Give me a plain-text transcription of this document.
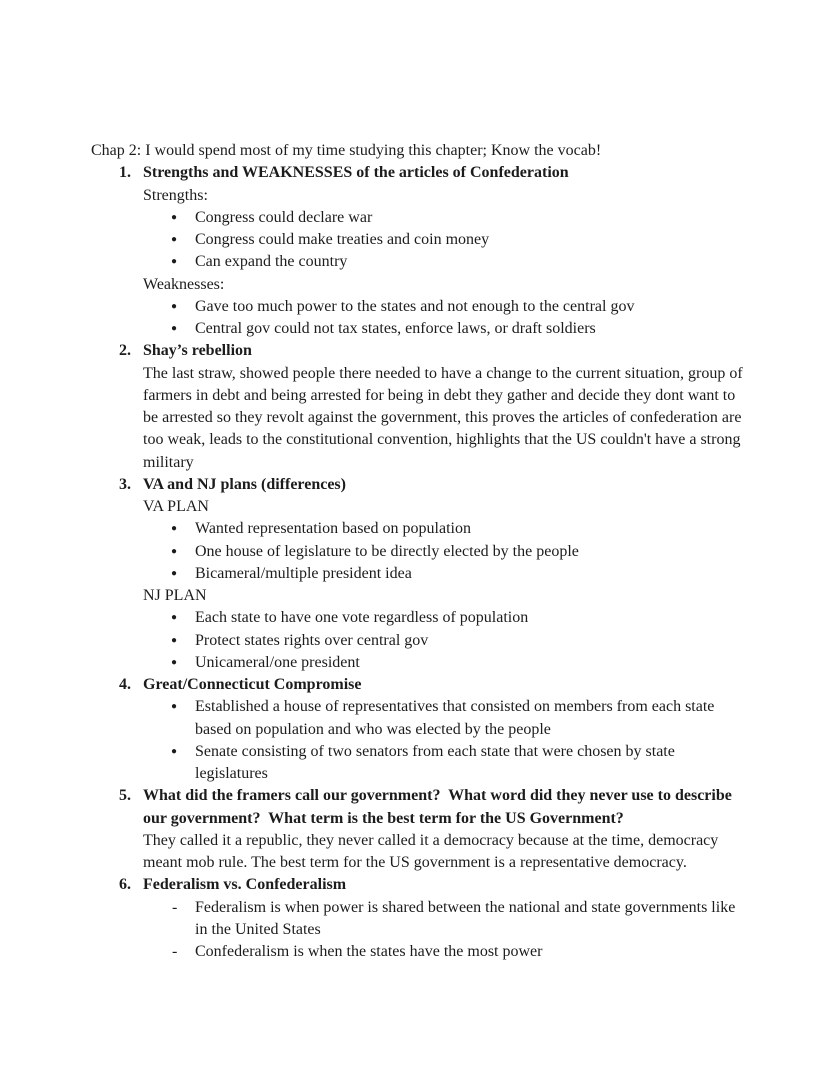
Chap 2: I would spend most of my time studying this chapter; Know the vocab!

1. Strengths and WEAKNESSES of the articles of Confederation

Strengths:

● Congress could declare war
● Congress could make treaties and coin money
● Can expand the country

Weaknesses:

● Gave too much power to the states and not enough to the central gov
● Central gov could not tax states, enforce laws, or draft soldiers
2. Shay’s rebellion

The last straw, showed people there needed to have a change to the current situation, group of farmers in debt and being arrested for being in debt they gather and decide they dont want to be arrested so they revolt against the government, this proves the articles of confederation are too weak, leads to the constitutional convention, highlights that the US couldn't have a strong military

3. VA and NJ plans (differences)

VA PLAN

● Wanted representation based on population
● One house of legislature to be directly elected by the people
● Bicameral/multiple president idea

NJ PLAN

● Each state to have one vote regardless of population
● Protect states rights over central gov
● Unicameral/one president
4. Great/Connecticut Compromise
● Established a house of representatives that consisted on members from each state based on population and who was elected by the people
● Senate consisting of two senators from each state that were chosen by state legislatures
5. What did the framers call our government?  What word did they never use to describe our government?  What term is the best term for the US Government?

They called it a republic, they never called it a democracy because at the time, democracy meant mob rule. The best term for the US government is a representative democracy.

6. Federalism vs. Confederalism
- Federalism is when power is shared between the national and state governments like in the United States
- Confederalism is when the states have the most power
